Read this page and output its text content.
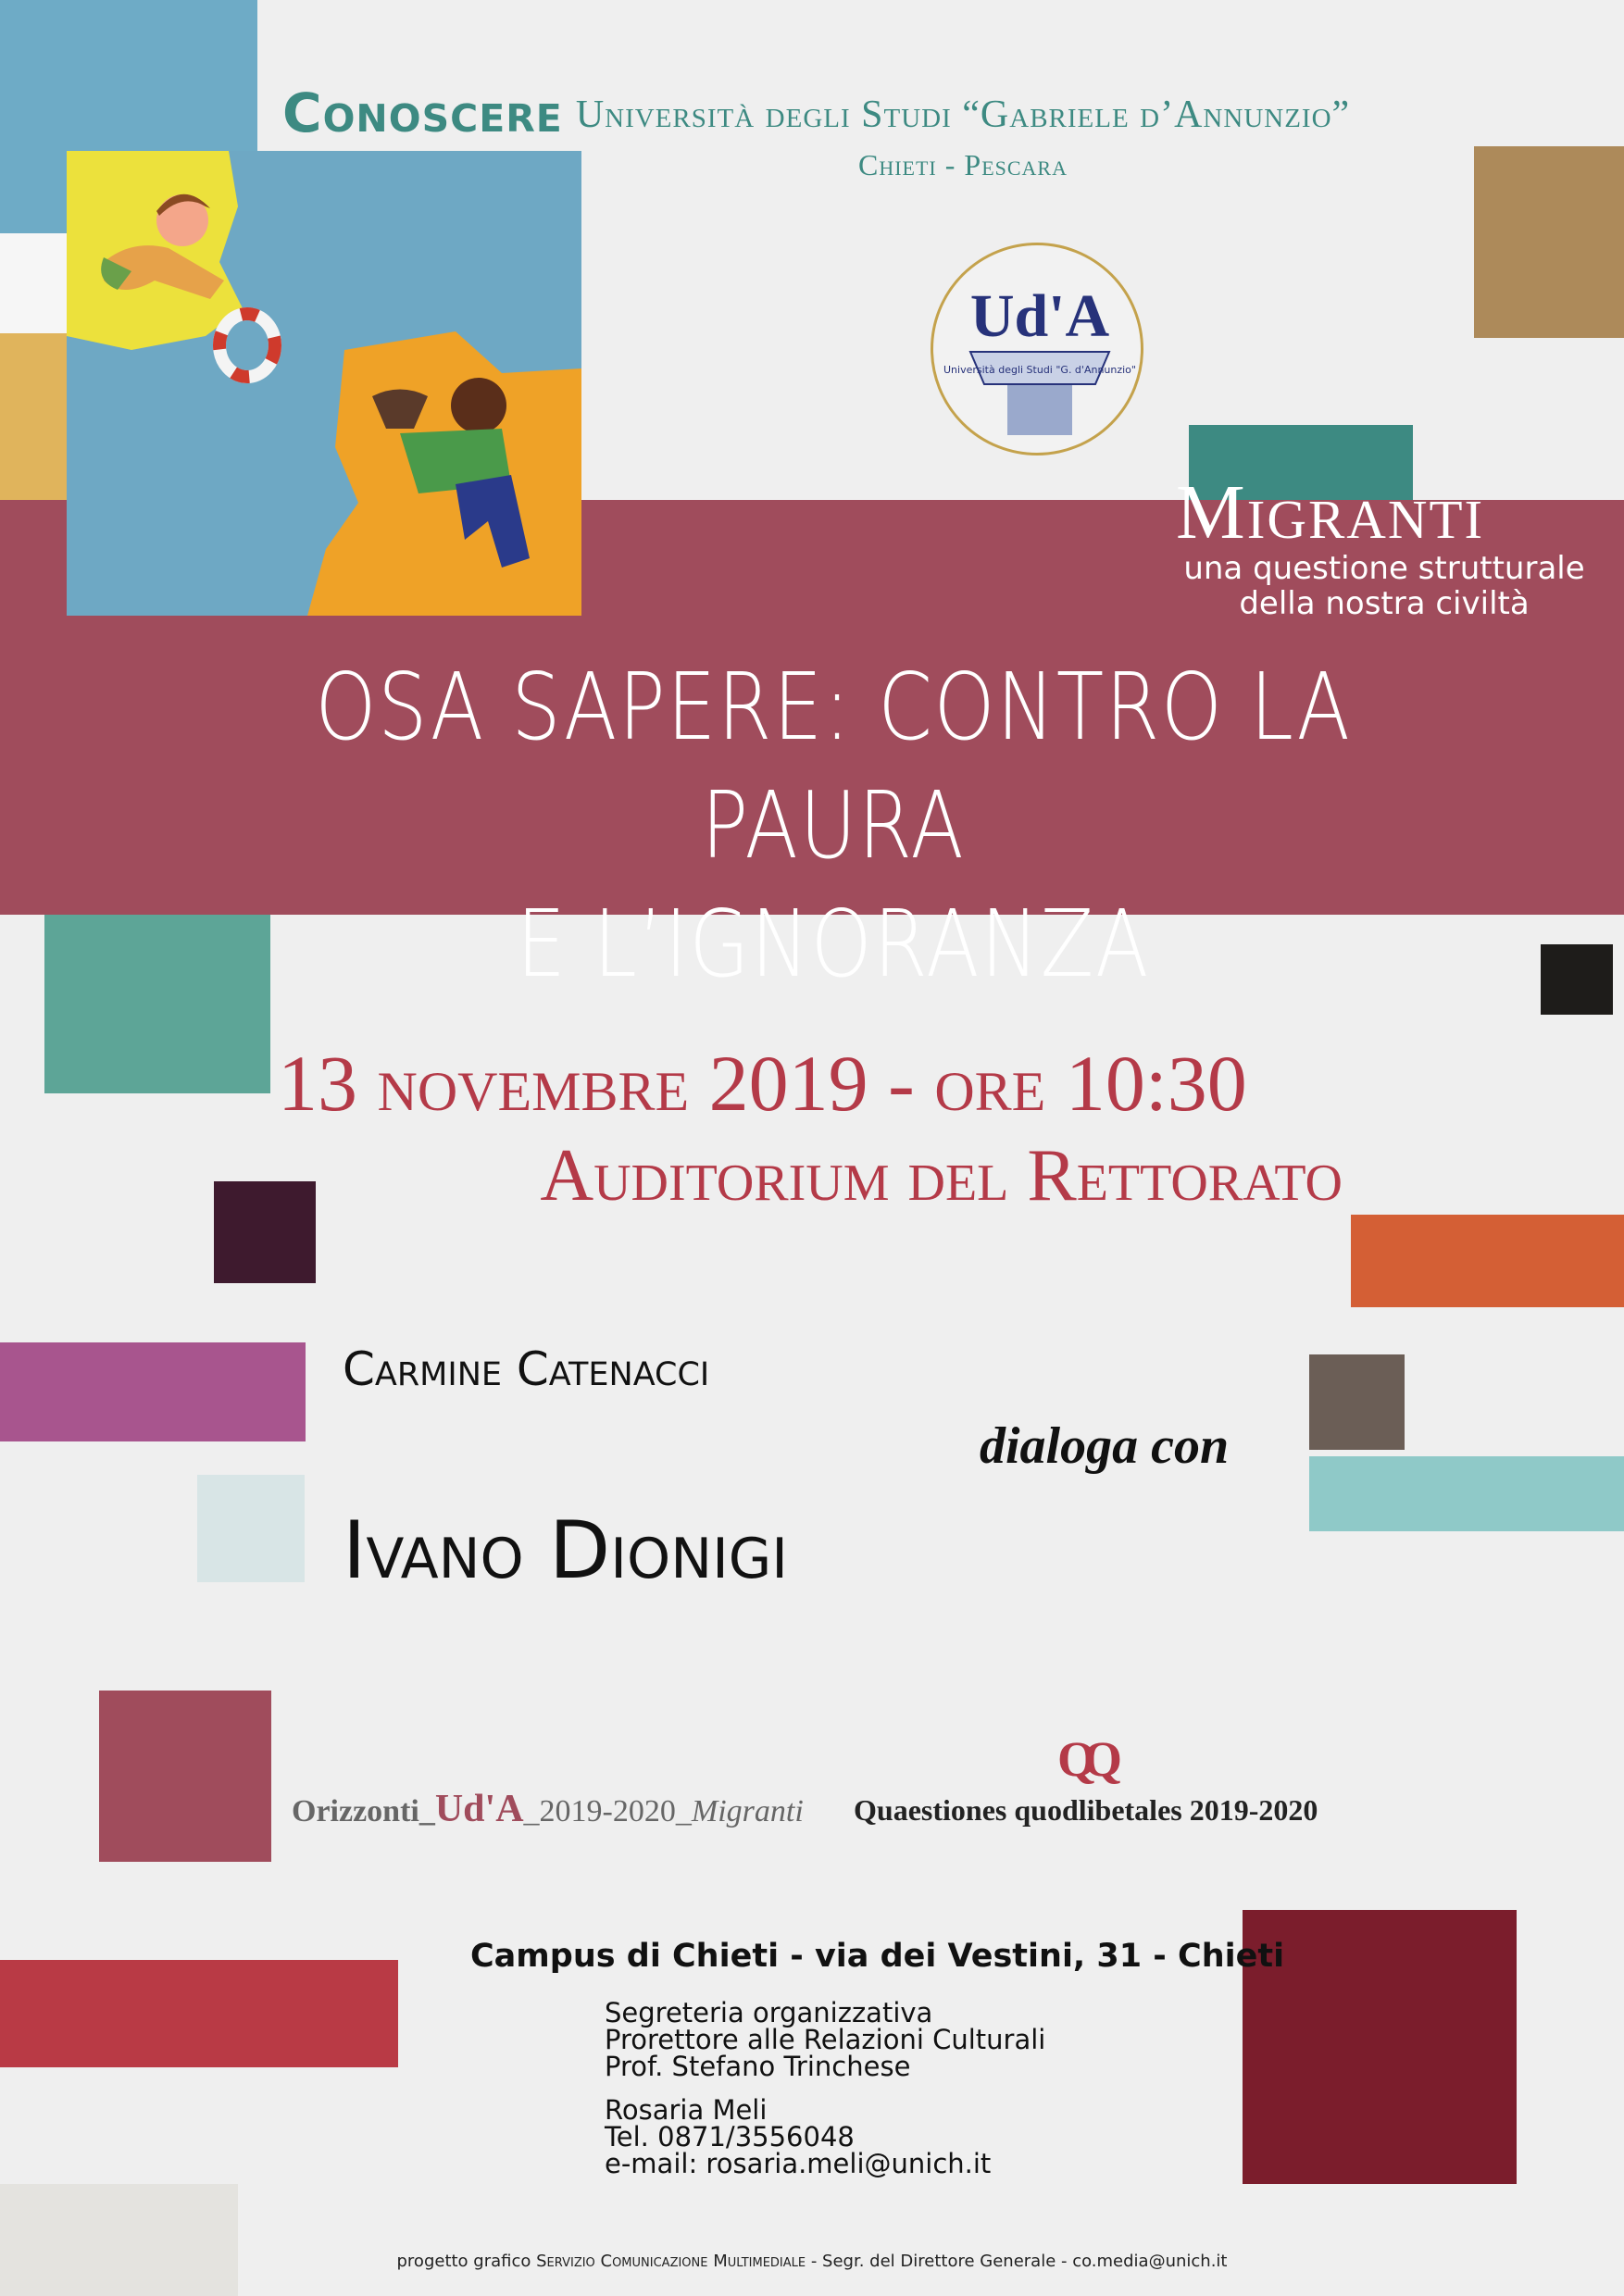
Conoscere Università degli Studi “Gabriele d’Annunzio”
Chieti - Pescara
Ud'A
Università degli Studi "G. d'Annunzio"
Migranti
una questione strutturale
della nostra civiltà
OSA SAPERE: CONTRO LA PAURA
E L’IGNORANZA
13 novembre 2019 - ore 10:30
Auditorium del Rettorato
Carmine Catenacci
dialoga con
Ivano Dionigi
Orizzonti_Ud'A_2019-2020_Migranti
QQ
Quaestiones quodlibetales 2019-2020
Campus di Chieti - via dei Vestini, 31 - Chieti
Segreteria organizzativa
Prorettore alle Relazioni Culturali
Prof. Stefano Trinchese
Rosaria Meli
Tel. 0871/3556048
e-mail: rosaria.meli@unich.it
progetto grafico Servizio Comunicazione Multimediale - Segr. del Direttore Generale - co.media@unich.it
